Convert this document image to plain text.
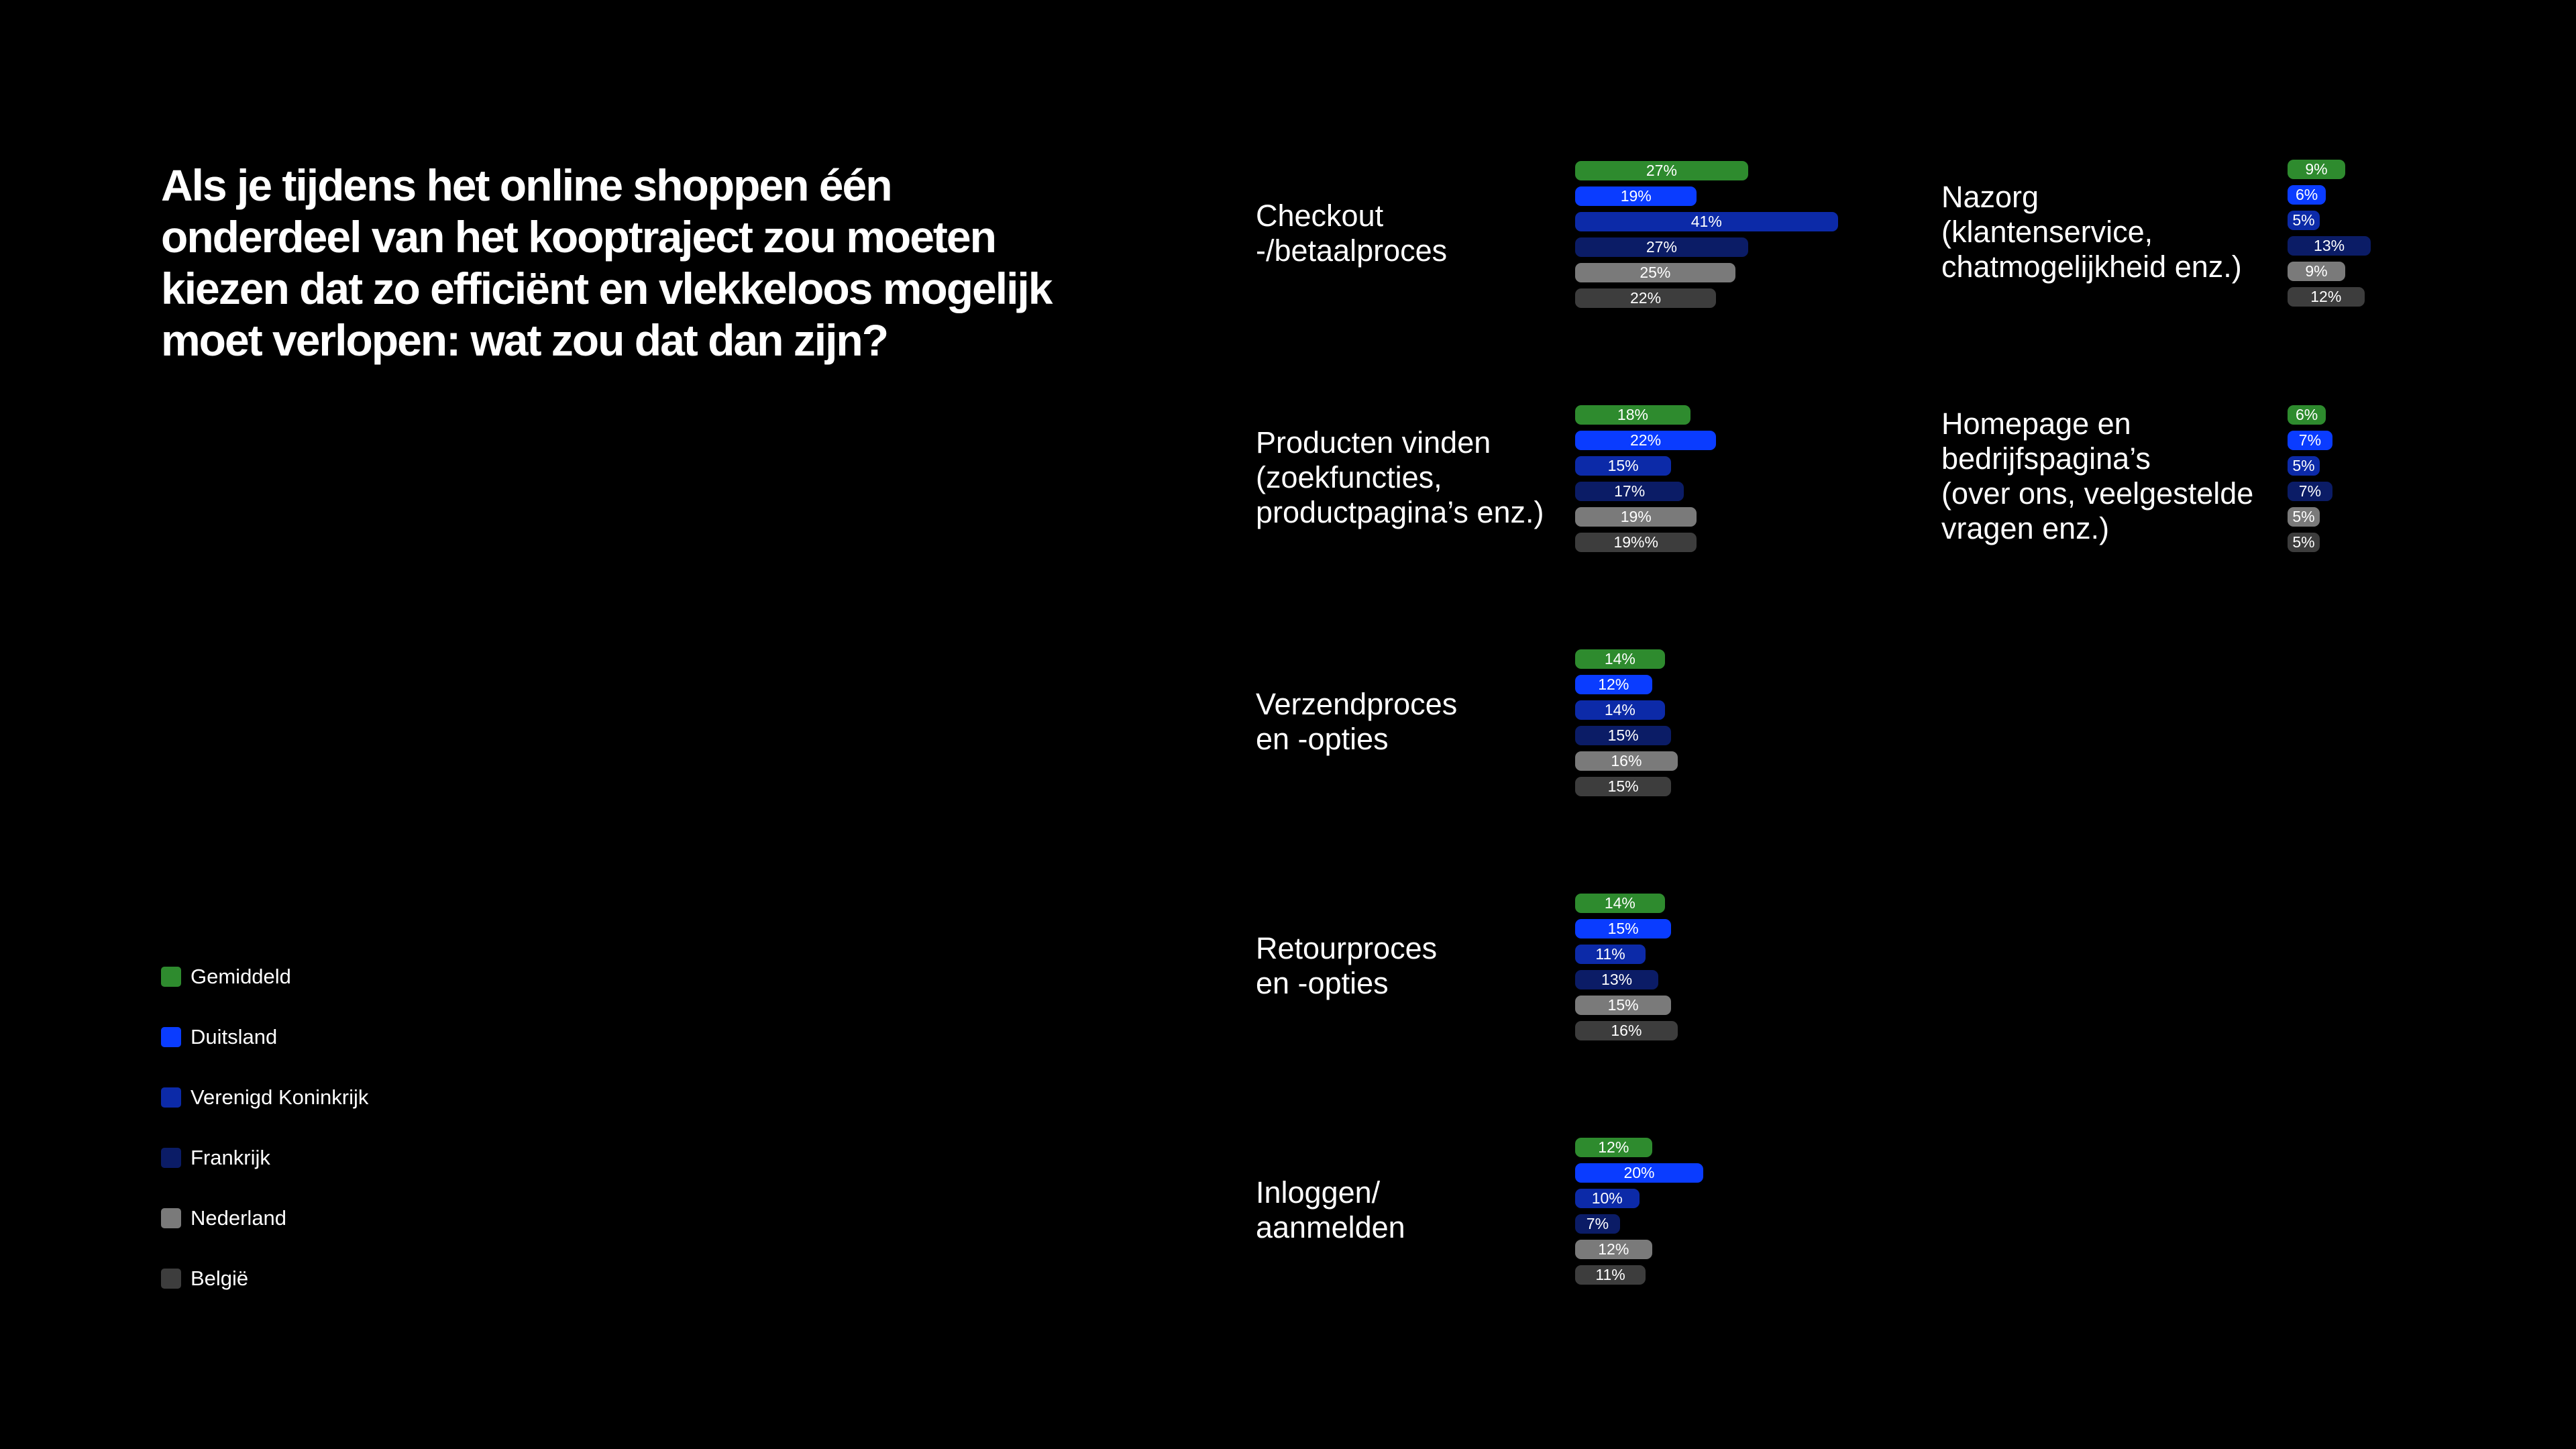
Als je tijdens het online shoppen één onderdeel van het kooptraject zou moeten kiezen dat zo efficiënt en vlekkeloos mogelijk moet verlopen: wat zou dat dan zijn?
Gemiddeld
Duitsland
Verenigd Koninkrijk
Frankrijk
Nederland
België
Checkout
-/betaalproces
27%
19%
41%
27%
25%
22%
Producten vinden
(zoekfuncties,
productpagina’s enz.)
18%
22%
15%
17%
19%
19%%
Verzendproces
en -opties
14%
12%
14%
15%
16%
15%
Retourproces
en -opties
14%
15%
11%
13%
15%
16%
Inloggen/
aanmelden
12%
20%
10%
7%
12%
11%
Nazorg
(klantenservice,
chatmogelijkheid enz.)
9%
6%
5%
13%
9%
12%
Homepage en
bedrijfspagina’s
(over ons, veelgestelde
vragen enz.)
6%
7%
5%
7%
5%
5%
